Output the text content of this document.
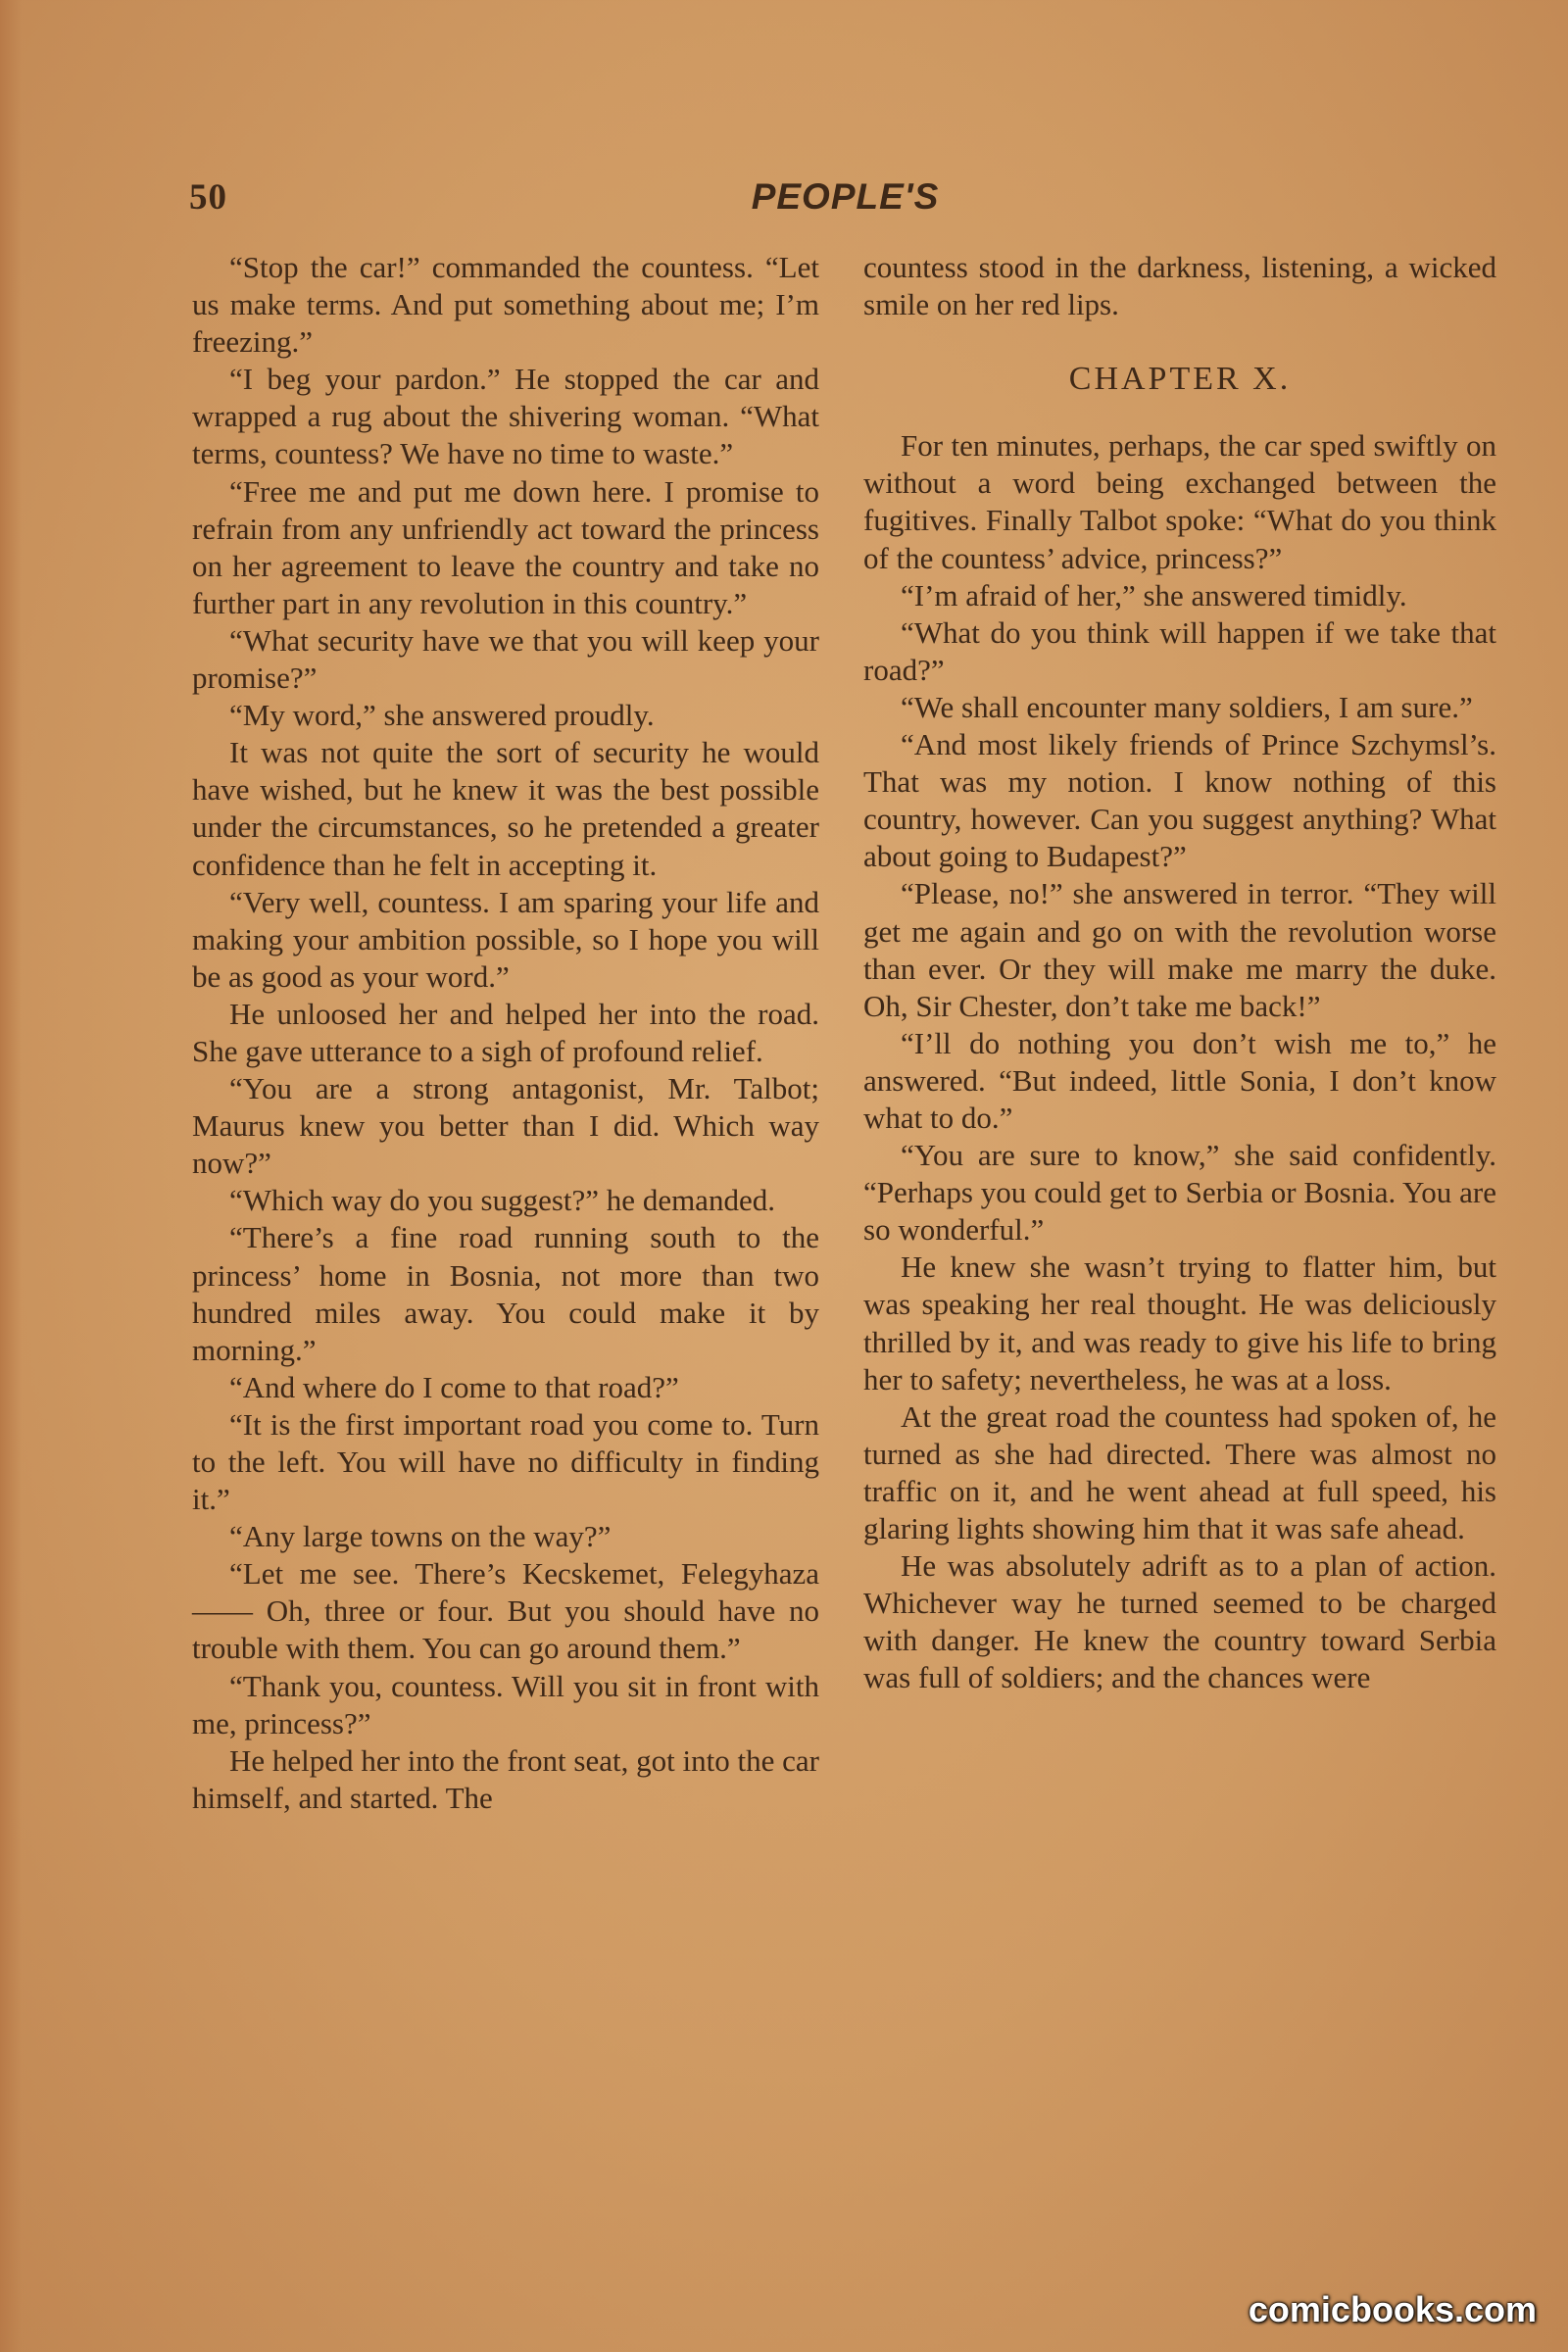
50	PEOPLE'S

“Stop the car!” commanded the countess. “Let us make terms. And put something about me; I’m freezing.”

“I beg your pardon.” He stopped the car and wrapped a rug about the shivering woman. “What terms, countess? We have no time to waste.”

“Free me and put me down here. I promise to refrain from any unfriendly act toward the princess on her agreement to leave the country and take no further part in any revolution in this country.”

“What security have we that you will keep your promise?”

“My word,” she answered proudly.

It was not quite the sort of security he would have wished, but he knew it was the best possible under the circumstances, so he pretended a greater confidence than he felt in accepting it.

“Very well, countess. I am sparing your life and making your ambition possible, so I hope you will be as good as your word.”

He unloosed her and helped her into the road. She gave utterance to a sigh of profound relief.

“You are a strong antagonist, Mr. Talbot; Maurus knew you better than I did. Which way now?”

“Which way do you suggest?” he demanded.

“There’s a fine road running south to the princess’ home in Bosnia, not more than two hundred miles away. You could make it by morning.”

“And where do I come to that road?”

“It is the first important road you come to. Turn to the left. You will have no difficulty in finding it.”

“Any large towns on the way?”

“Let me see. There’s Kecskemet, Felegyhaza—— Oh, three or four. But you should have no trouble with them. You can go around them.”

“Thank you, countess. Will you sit in front with me, princess?”

He helped her into the front seat, got into the car himself, and started. The

countess stood in the darkness, listening, a wicked smile on her red lips.

CHAPTER X.

For ten minutes, perhaps, the car sped swiftly on without a word being exchanged between the fugitives. Finally Talbot spoke: “What do you think of the countess’ advice, princess?”

“I’m afraid of her,” she answered timidly.

“What do you think will happen if we take that road?”

“We shall encounter many soldiers, I am sure.”

“And most likely friends of Prince Szchymsl’s. That was my notion. I know nothing of this country, however. Can you suggest anything? What about going to Budapest?”

“Please, no!” she answered in terror. “They will get me again and go on with the revolution worse than ever. Or they will make me marry the duke. Oh, Sir Chester, don’t take me back!”

“I’ll do nothing you don’t wish me to,” he answered. “But indeed, little Sonia, I don’t know what to do.”

“You are sure to know,” she said confidently. “Perhaps you could get to Serbia or Bosnia. You are so wonderful.”

He knew she wasn’t trying to flatter him, but was speaking her real thought. He was deliciously thrilled by it, and was ready to give his life to bring her to safety; nevertheless, he was at a loss.

At the great road the countess had spoken of, he turned as she had directed. There was almost no traffic on it, and he went ahead at full speed, his glaring lights showing him that it was safe ahead.

He was absolutely adrift as to a plan of action. Whichever way he turned seemed to be charged with danger. He knew the country toward Serbia was full of soldiers; and the chances were

comicbooks.com
